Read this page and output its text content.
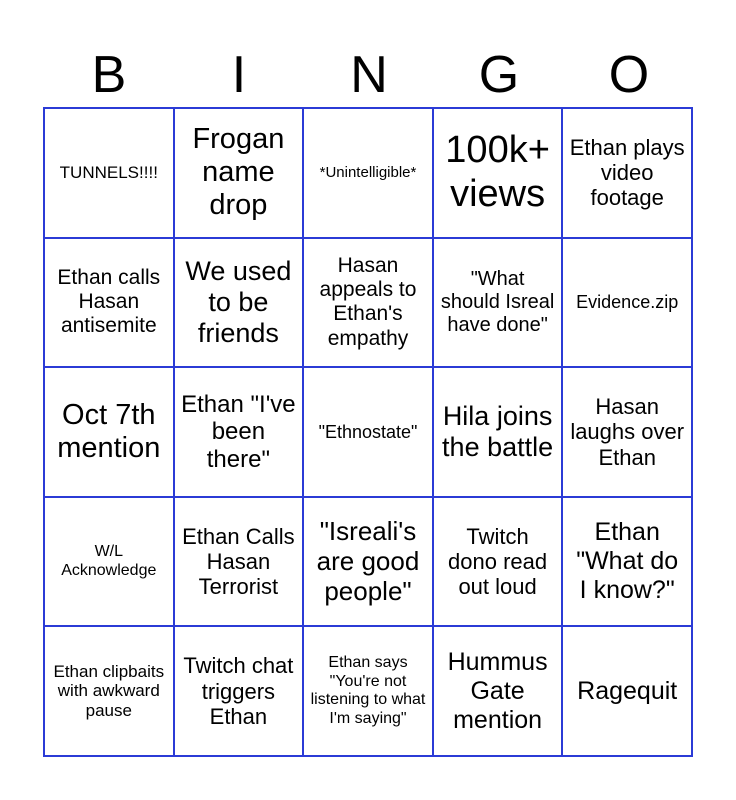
B	I	N	G	O
TUNNELS!!!!
Frogan name drop
*Unintelligible*
100k+ views
Ethan plays video footage
Ethan calls Hasan antisemite
We used to be friends
Hasan appeals to Ethan's empathy
"What should Isreal have done"
Evidence.zip
Oct 7th mention
Ethan "I've been there"
"Ethnostate"
Hila joins the battle
Hasan laughs over Ethan
W/L Acknowledge
Ethan Calls Hasan Terrorist
"Isreali's are good people"
Twitch dono read out loud
Ethan "What do I know?"
Ethan clipbaits with awkward pause
Twitch chat triggers Ethan
Ethan says "You're not listening to what I'm saying"
Hummus Gate mention
Ragequit
